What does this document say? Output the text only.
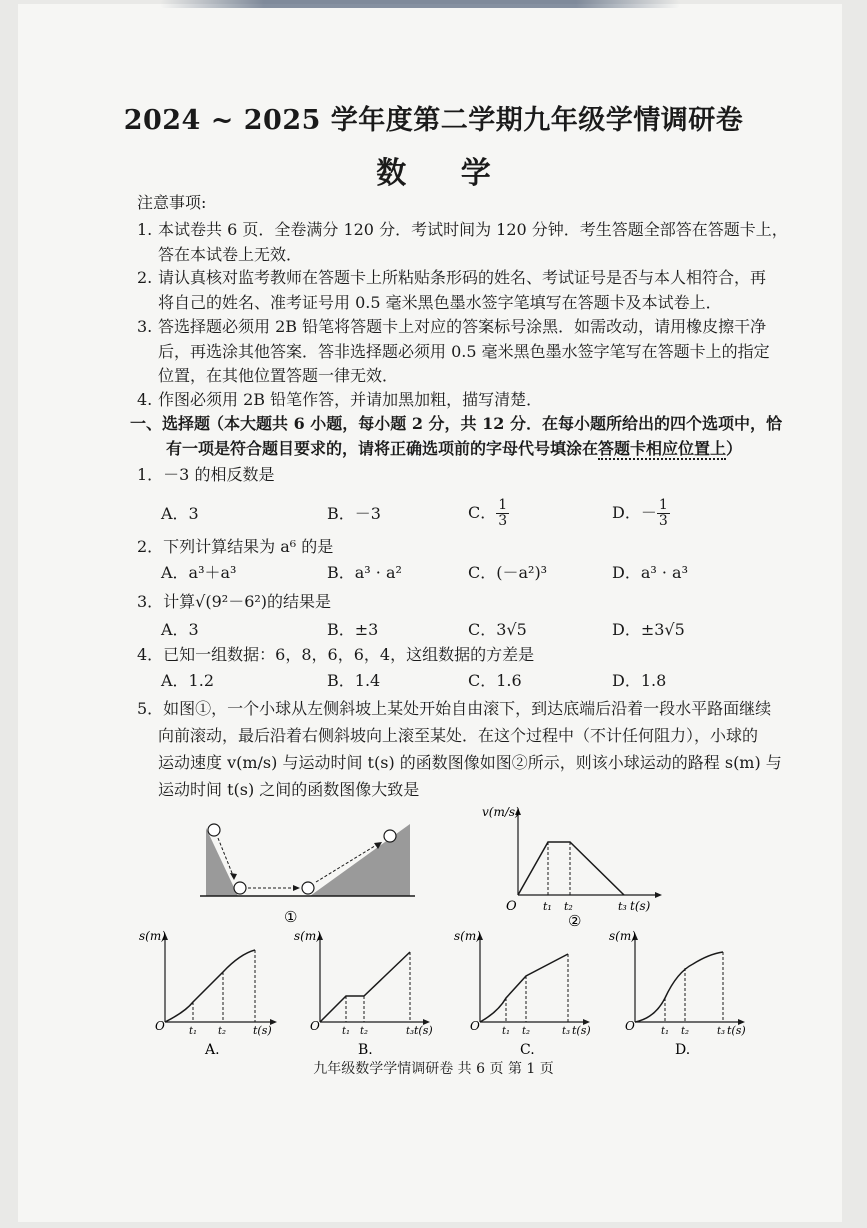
2024 ~ 2025 学年度第二学期九年级学情调研卷
数 学
注意事项:
1. 本试卷共 6 页．全卷满分 120 分．考试时间为 120 分钟．考生答题全部答在答题卡上，
答在本试卷上无效．
2. 请认真核对监考教师在答题卡上所粘贴条形码的姓名、考试证号是否与本人相符合，再
将自己的姓名、准考证号用 0.5 毫米黑色墨水签字笔填写在答题卡及本试卷上．
3. 答选择题必须用 2B 铅笔将答题卡上对应的答案标号涂黑．如需改动，请用橡皮擦干净
后，再选涂其他答案．答非选择题必须用 0.5 毫米黑色墨水签字笔写在答题卡上的指定
位置，在其他位置答题一律无效．
4. 作图必须用 2B 铅笔作答，并请加黑加粗，描写清楚．
一、选择题
（本大题共 6 小题，每小题 2 分，共 12 分．在每小题所给出的四个选项中，恰
有一项是符合题目要求的，请将正确选项前的字母代号填涂在答题卡相应位置上）
1．－3 的相反数是
A．3	B．－3	C． $\frac{1}{3}$	D．－ $\frac{1}{3}$
2．下列计算结果为 a⁶ 的是
A．a³＋a³	B．a³ · a²	C．(－a²)³	D．a³ · a³
3．计算√(9²－6²)的结果是
A．3	B．±3	C．3√5	D．±3√5
4．已知一组数据：6，8，6，6，4，这组数据的方差是
A．1.2	B．1.4	C．1.6	D．1.8
5．如图①，一个小球从左侧斜坡上某处开始自由滚下，到达底端后沿着一段水平路面继续
向前滚动，最后沿着右侧斜坡向上滚至某处．在这个过程中（不计任何阻力），小球的
运动速度 v(m/s) 与运动时间 t(s) 的函数图像如图②所示，则该小球运动的路程 s(m) 与
运动时间 t(s) 之间的函数图像大致是
①
v(m/s)
O t₁ t₂	t₃ t(s)
②
s(m)
O t₁ t₂ t(s)
A.
s(m)
O t₁ t₂	t₃ t(s)
B.
s(m)
O t₁ t₂	t₃ t(s)
C.
s(m)
O	t₁ t₂	t₃ t(s)
D.
九年级数学学情调研卷 共 6 页 第 1 页
